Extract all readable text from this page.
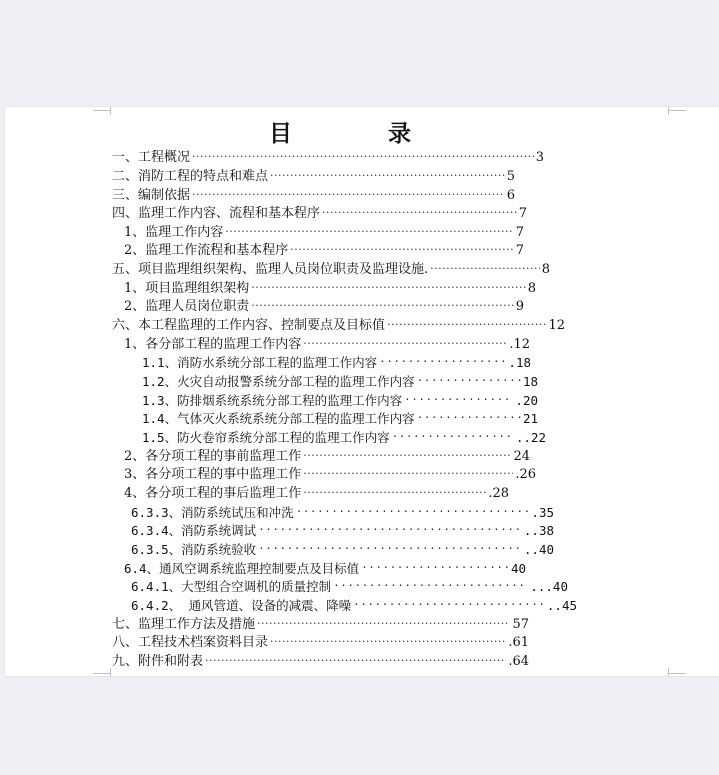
目 录
一、工程概况 ·····	3
二、消防工程的特点和难点 ·····	5
三、编制依据 ·····	6
四、监理工作内容、流程和基本程序 ·····	7
1、监理工作内容 ·····	7
2、监理工作流程和基本程序 ·····	7
五、项目监理组织架构、监理人员岗位职责及监理设施. ·····	8
1、项目监理组织架构 ·····	8
2、监理人员岗位职责 ·····	9
六、本工程监理的工作内容、控制要点及目标值 ·····	12
1、各分部工程的监理工作内容 ·····	.12
1.1、消防水系统分部工程的监理工作内容 ·····	.18
1.2、火灾自动报警系统分部工程的监理工作内容 ·····	18
1.3、防排烟系统系统分部工程的监理工作内容 ·····	.20
1.4、气体灭火系统系统分部工程的监理工作内容 ·····	21
1.5、防火卷帘系统分部工程的监理工作内容 ·····	..22
2、各分项工程的事前监理工作 ·····	24
3、各分项工程的事中监理工作 ·····	.26
4、各分项工程的事后监理工作 ·····	.28
6.3.3、消防系统试压和冲洗 ·····	.35
6.3.4、消防系统调试 ·····	..38
6.3.5、消防系统验收 ·····	..40
6.4、通风空调系统监理控制要点及目标值 ·····	40
6.4.1、大型组合空调机的质量控制 ·····	...40
6.4.2、 通风管道、设备的减震、降噪 ·····	..45
七、监理工作方法及措施 ·····	57
八、工程技术档案资料目录 ·····	.61
九、附件和附表 ·····	.64
